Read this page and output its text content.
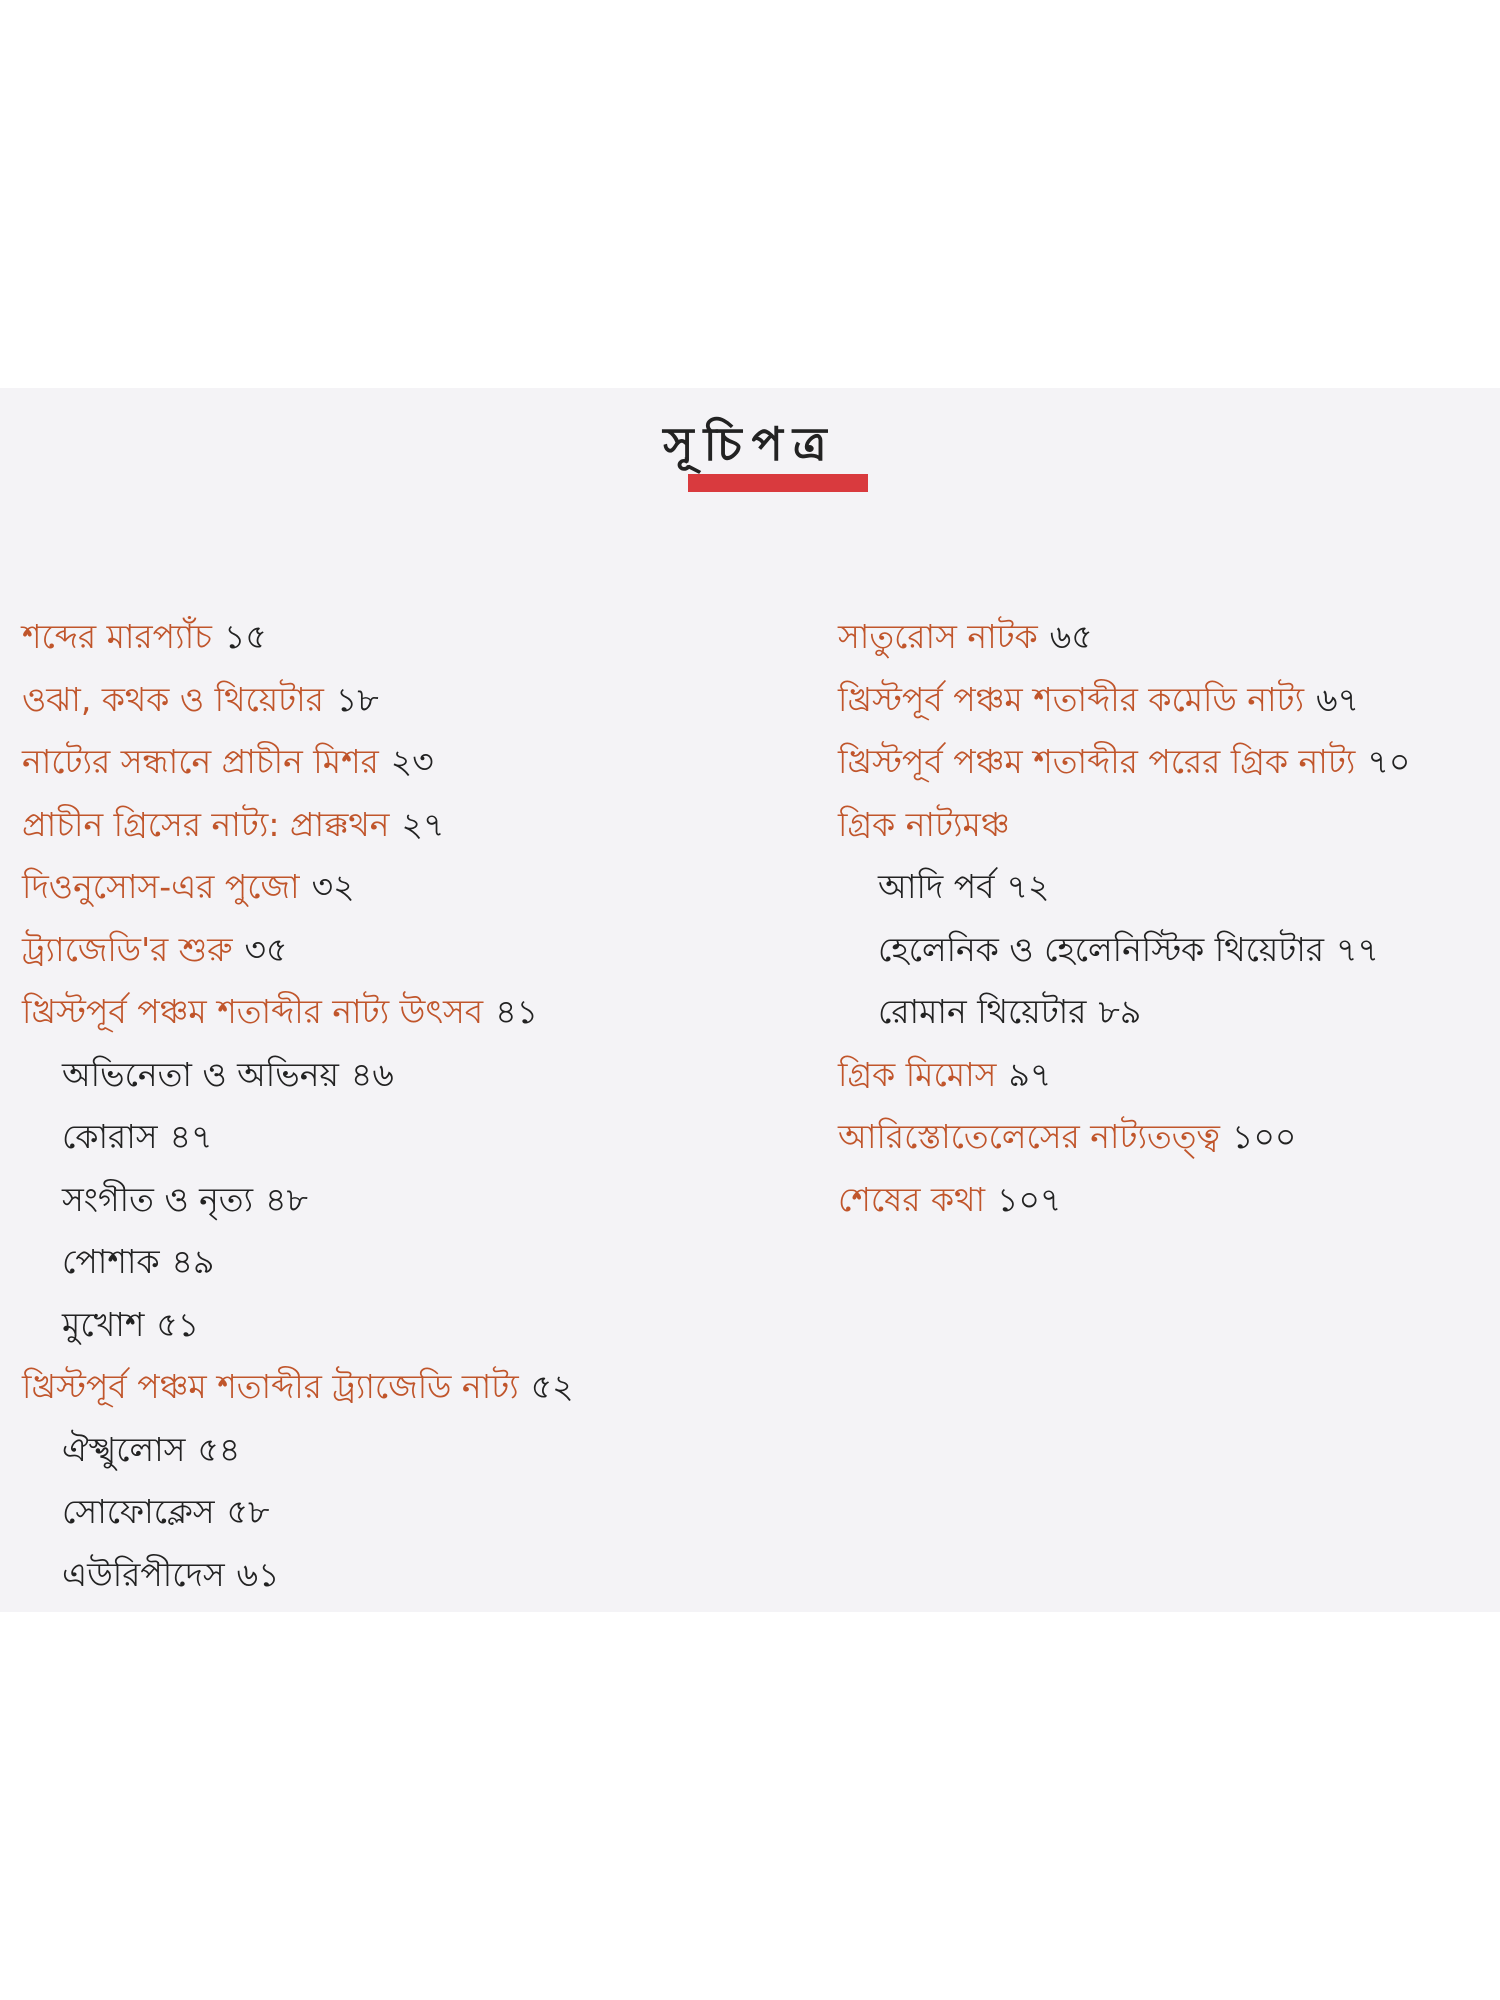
সূচিপত্র
শব্দের মারপ্যাঁচ ১৫
ওঝা, কথক ও থিয়েটার ১৮
নাট্যের সন্ধানে প্রাচীন মিশর ২৩
প্রাচীন গ্রিসের নাট্য: প্রাক্কথন ২৭
দিওনুসোস-এর পুজো ৩২
ট্র্যাজেডি'র শুরু ৩৫
খ্রিস্টপূর্ব পঞ্চম শতাব্দীর নাট্য উৎসব ৪১
অভিনেতা ও অভিনয় ৪৬
কোরাস ৪৭
সংগীত ও নৃত্য ৪৮
পোশাক ৪৯
মুখোশ ৫১
খ্রিস্টপূর্ব পঞ্চম শতাব্দীর ট্র্যাজেডি নাট্য ৫২
ঐস্খুলোস ৫৪
সোফোক্লেস ৫৮
এউরিপীদেস ৬১
সাতুরোস নাটক ৬৫
খ্রিস্টপূর্ব পঞ্চম শতাব্দীর কমেডি নাট্য ৬৭
খ্রিস্টপূর্ব পঞ্চম শতাব্দীর পরের গ্রিক নাট্য ৭০
গ্রিক নাট্যমঞ্চ
আদি পর্ব ৭২
হেলেনিক ও হেলেনিস্টিক থিয়েটার ৭৭
রোমান থিয়েটার ৮৯
গ্রিক মিমোস ৯৭
আরিস্তোতেলেসের নাট্যতত্ত্ব ১০০
শেষের কথা ১০৭
